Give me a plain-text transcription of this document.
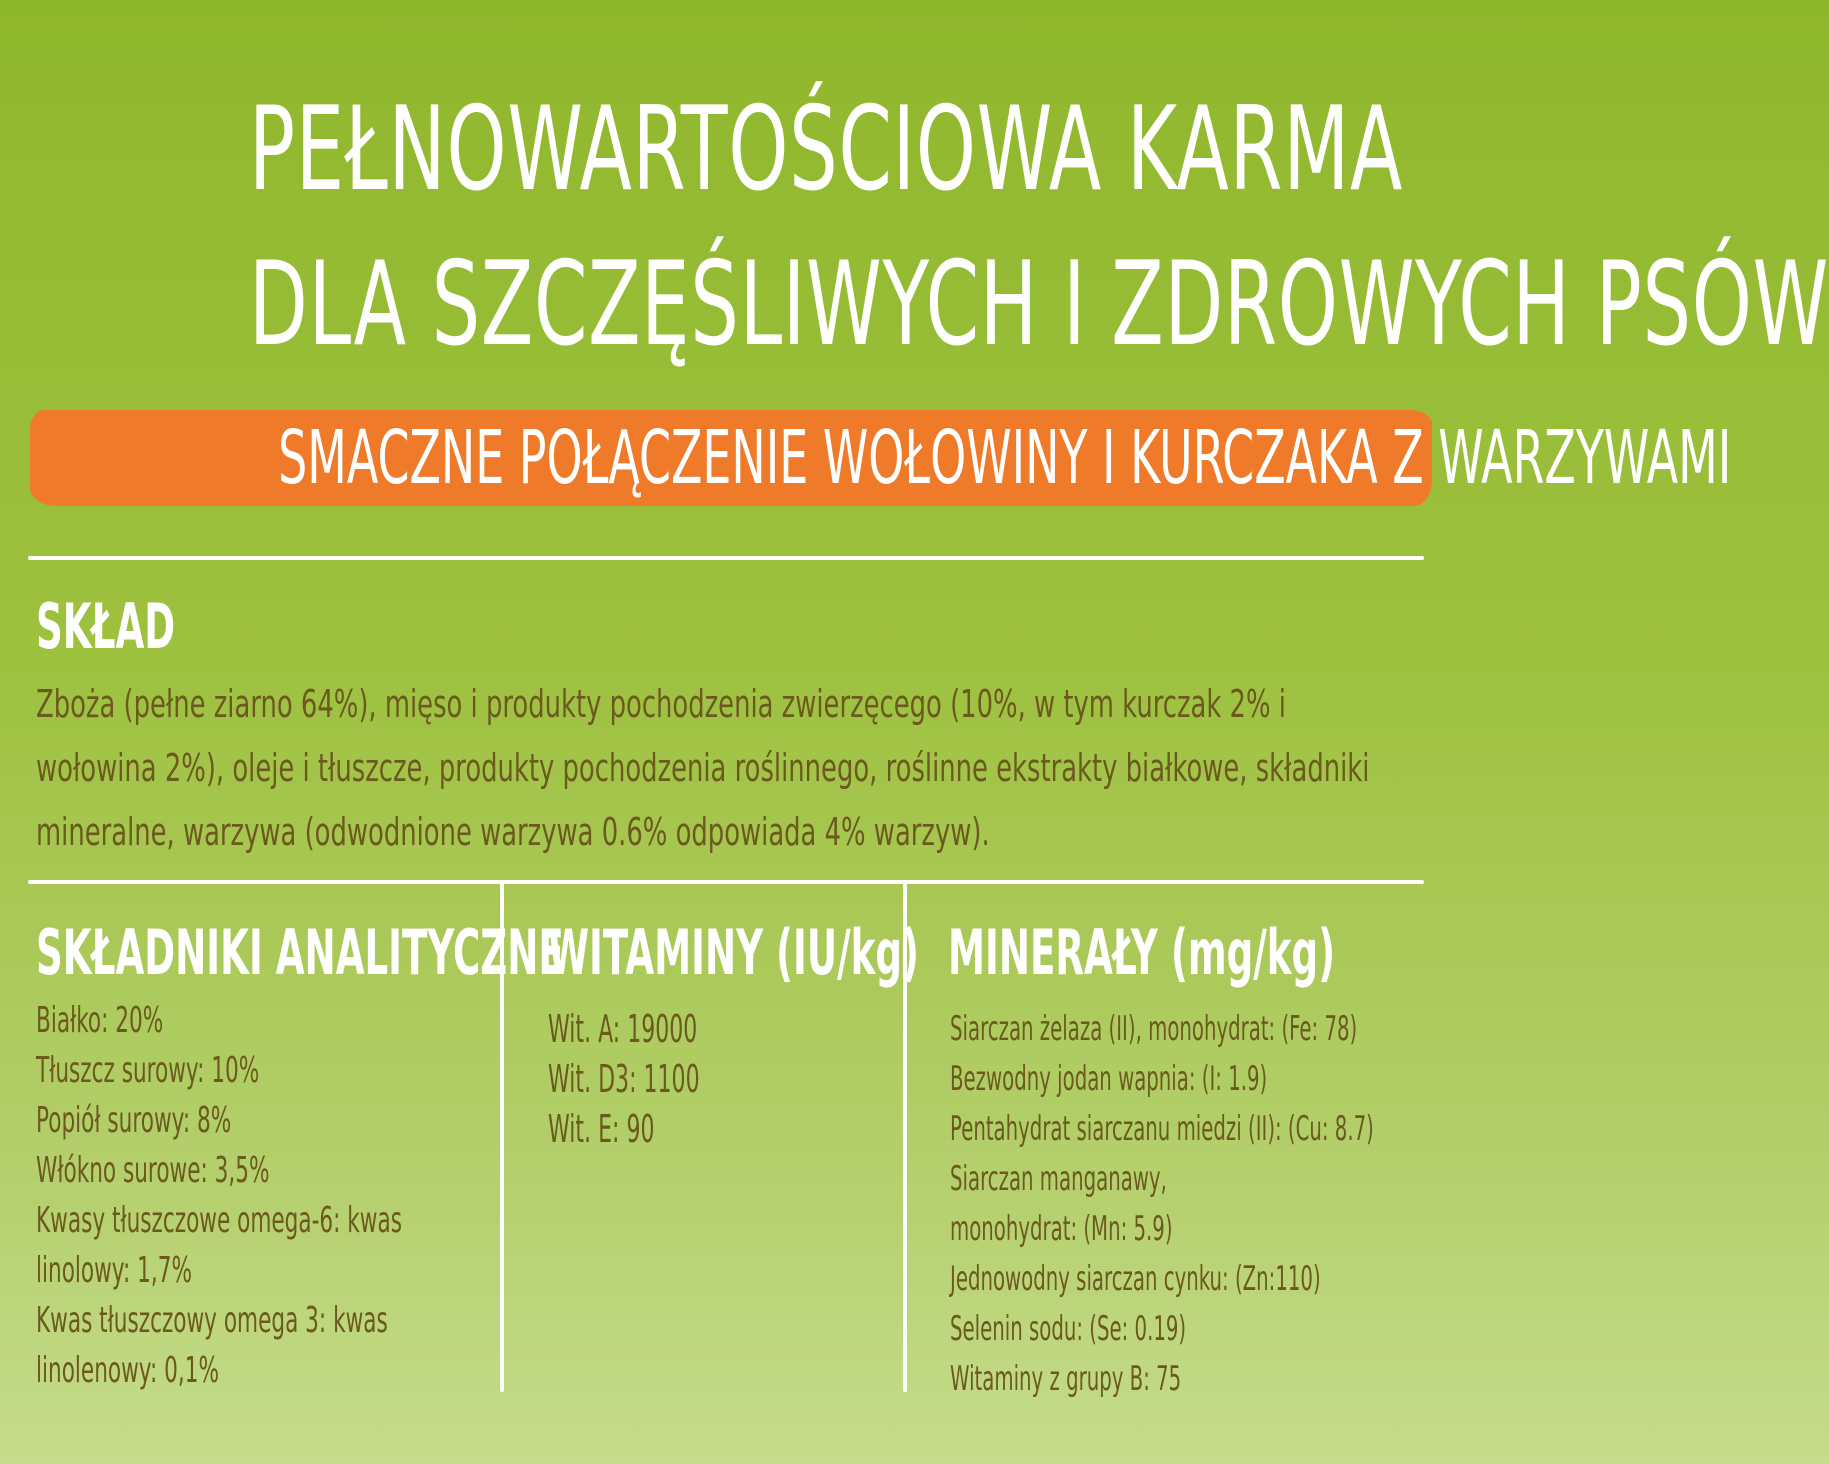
PEŁNOWARTOŚCIOWA KARMA
DLA SZCZĘŚLIWYCH I ZDROWYCH PSÓW
SMACZNE POŁĄCZENIE WOŁOWINY I KURCZAKA Z WARZYWAMI
SKŁAD

Zboża (pełne ziarno 64%), mięso i produkty pochodzenia zwierzęcego (10%, w tym kurczak 2% i wołowina 2%), oleje i tłuszcze, produkty pochodzenia roślinnego, roślinne ekstrakty białkowe, składniki mineralne, warzywa (odwodnione warzywa 0.6% odpowiada 4% warzyw).

SKŁADNIKI ANALITYCZNE
Białko: 20%
Tłuszcz surowy: 10%
Popiół surowy: 8%
Włókno surowe: 3,5%
Kwasy tłuszczowe omega-6: kwas
linolowy: 1,7%
Kwas tłuszczowy omega 3: kwas
linolenowy: 0,1%
WITAMINY (IU/kg)
Wit. A: 19000
Wit. D3: 1100
Wit. E: 90
MINERAŁY (mg/kg)
Siarczan żelaza (II), monohydrat: (Fe: 78)
Bezwodny jodan wapnia: (I: 1.9)
Pentahydrat siarczanu miedzi (II): (Cu: 8.7)
Siarczan manganawy,
monohydrat: (Mn: 5.9)
Jednowodny siarczan cynku: (Zn:110)
Selenin sodu: (Se: 0.19)
Witaminy z grupy B: 75
